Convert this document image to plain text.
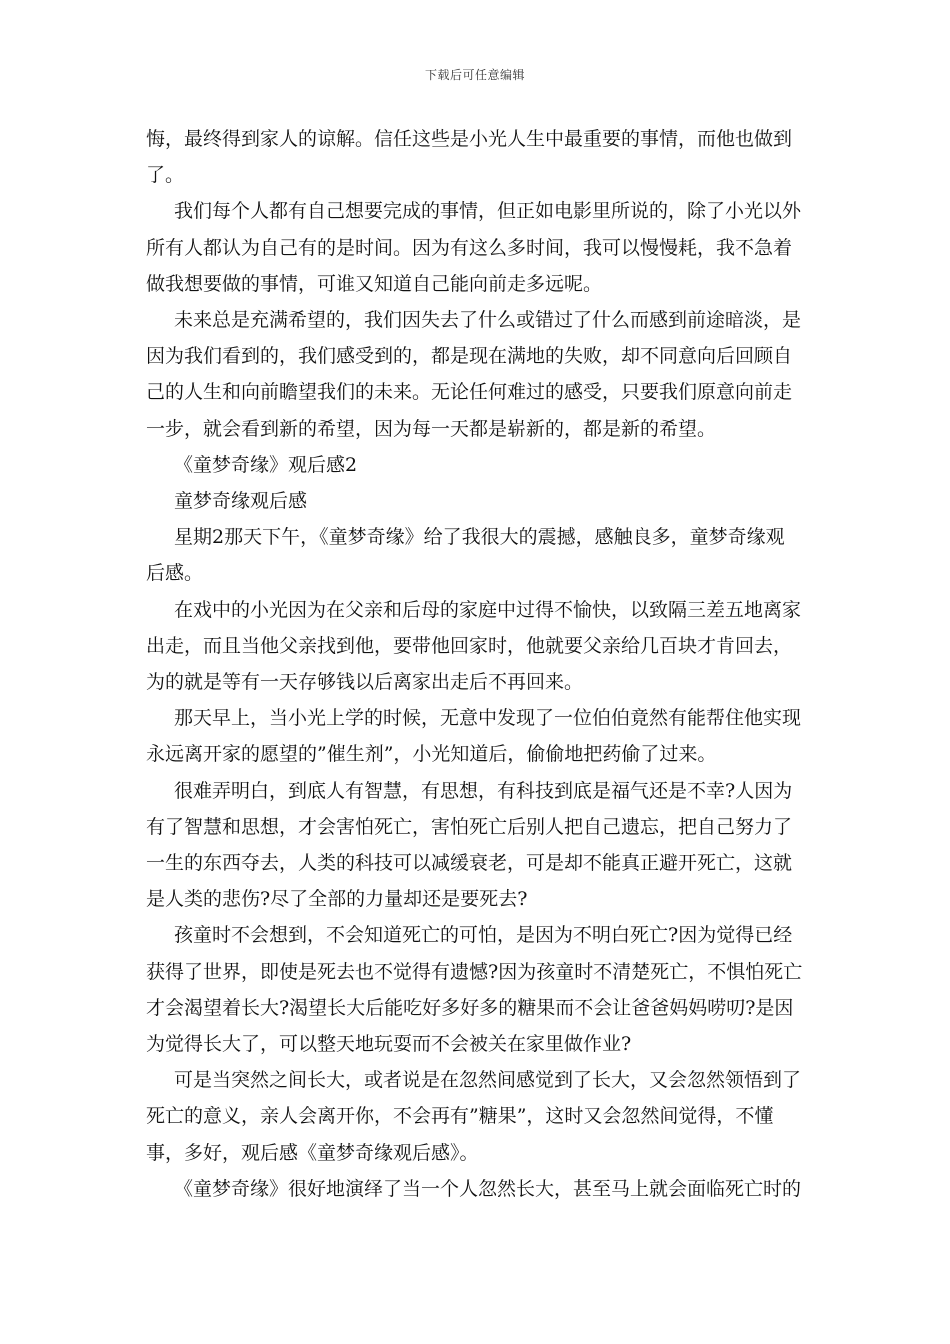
下载后可任意编辑
悔，最终得到家人的谅解。信任这些是小光人生中最重要的事情，而他也做到
了。
我们每个人都有自己想要完成的事情，但正如电影里所说的，除了小光以外
所有人都认为自己有的是时间。因为有这么多时间，我可以慢慢耗，我不急着
做我想要做的事情，可谁又知道自己能向前走多远呢。
未来总是充满希望的，我们因失去了什么或错过了什么而感到前途暗淡，是
因为我们看到的，我们感受到的，都是现在满地的失败，却不同意向后回顾自
己的人生和向前瞻望我们的未来。无论任何难过的感受，只要我们原意向前走
一步，就会看到新的希望，因为每一天都是崭新的，都是新的希望。
《童梦奇缘》观后感2
童梦奇缘观后感
星期2那天下午，《童梦奇缘》给了我很大的震撼，感触良多，童梦奇缘观
后感。
在戏中的小光因为在父亲和后母的家庭中过得不愉快，以致隔三差五地离家
出走，而且当他父亲找到他，要带他回家时，他就要父亲给几百块才肯回去，
为的就是等有一天存够钱以后离家出走后不再回来。
那天早上，当小光上学的时候，无意中发现了一位伯伯竟然有能帮住他实现
永远离开家的愿望的”催生剂”，小光知道后，偷偷地把药偷了过来。
很难弄明白，到底人有智慧，有思想，有科技到底是福气还是不幸?人因为
有了智慧和思想，才会害怕死亡，害怕死亡后别人把自己遗忘，把自己努力了
一生的东西夺去，人类的科技可以减缓衰老，可是却不能真正避开死亡，这就
是人类的悲伤?尽了全部的力量却还是要死去?
孩童时不会想到，不会知道死亡的可怕，是因为不明白死亡?因为觉得已经
获得了世界，即使是死去也不觉得有遗憾?因为孩童时不清楚死亡，不惧怕死亡
才会渴望着长大?渴望长大后能吃好多好多的糖果而不会让爸爸妈妈唠叨?是因
为觉得长大了，可以整天地玩耍而不会被关在家里做作业?
可是当突然之间长大，或者说是在忽然间感觉到了长大，又会忽然领悟到了
死亡的意义，亲人会离开你，不会再有”糖果”，这时又会忽然间觉得，不懂
事，多好，观后感《童梦奇缘观后感》。
《童梦奇缘》很好地演绎了当一个人忽然长大，甚至马上就会面临死亡时的
